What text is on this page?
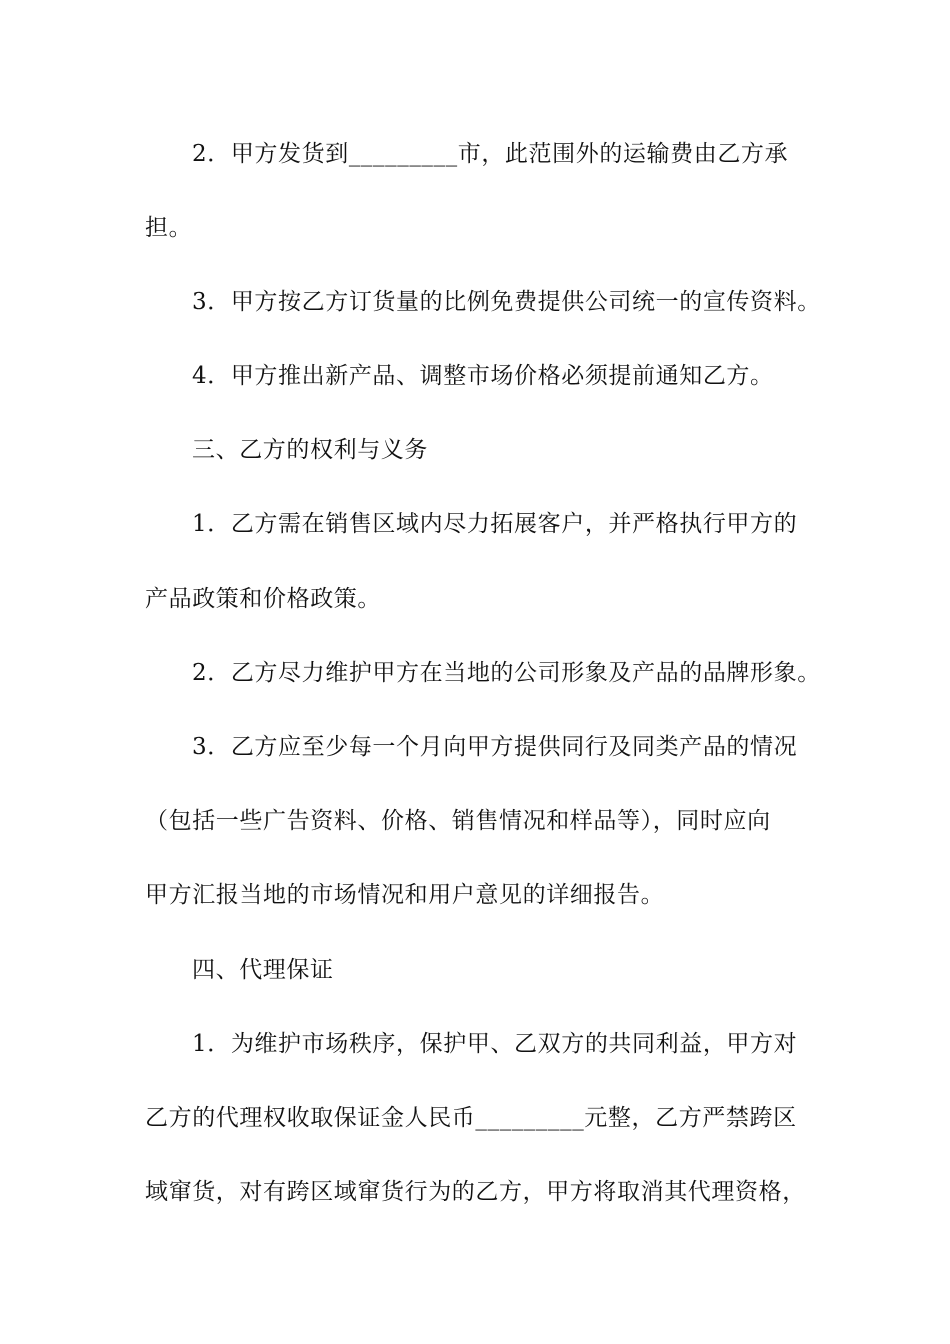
2．甲方发货到_________市，此范围外的运输费由乙方承
担。
3．甲方按乙方订货量的比例免费提供公司统一的宣传资料。
4．甲方推出新产品、调整市场价格必须提前通知乙方。
三、乙方的权利与义务
1．乙方需在销售区域内尽力拓展客户，并严格执行甲方的
产品政策和价格政策。
2．乙方尽力维护甲方在当地的公司形象及产品的品牌形象。
3．乙方应至少每一个月向甲方提供同行及同类产品的情况
（包括一些广告资料、价格、销售情况和样品等），同时应向
甲方汇报当地的市场情况和用户意见的详细报告。
四、代理保证
1．为维护市场秩序，保护甲、乙双方的共同利益，甲方对
乙方的代理权收取保证金人民币_________元整，乙方严禁跨区
域窜货，对有跨区域窜货行为的乙方，甲方将取消其代理资格，
